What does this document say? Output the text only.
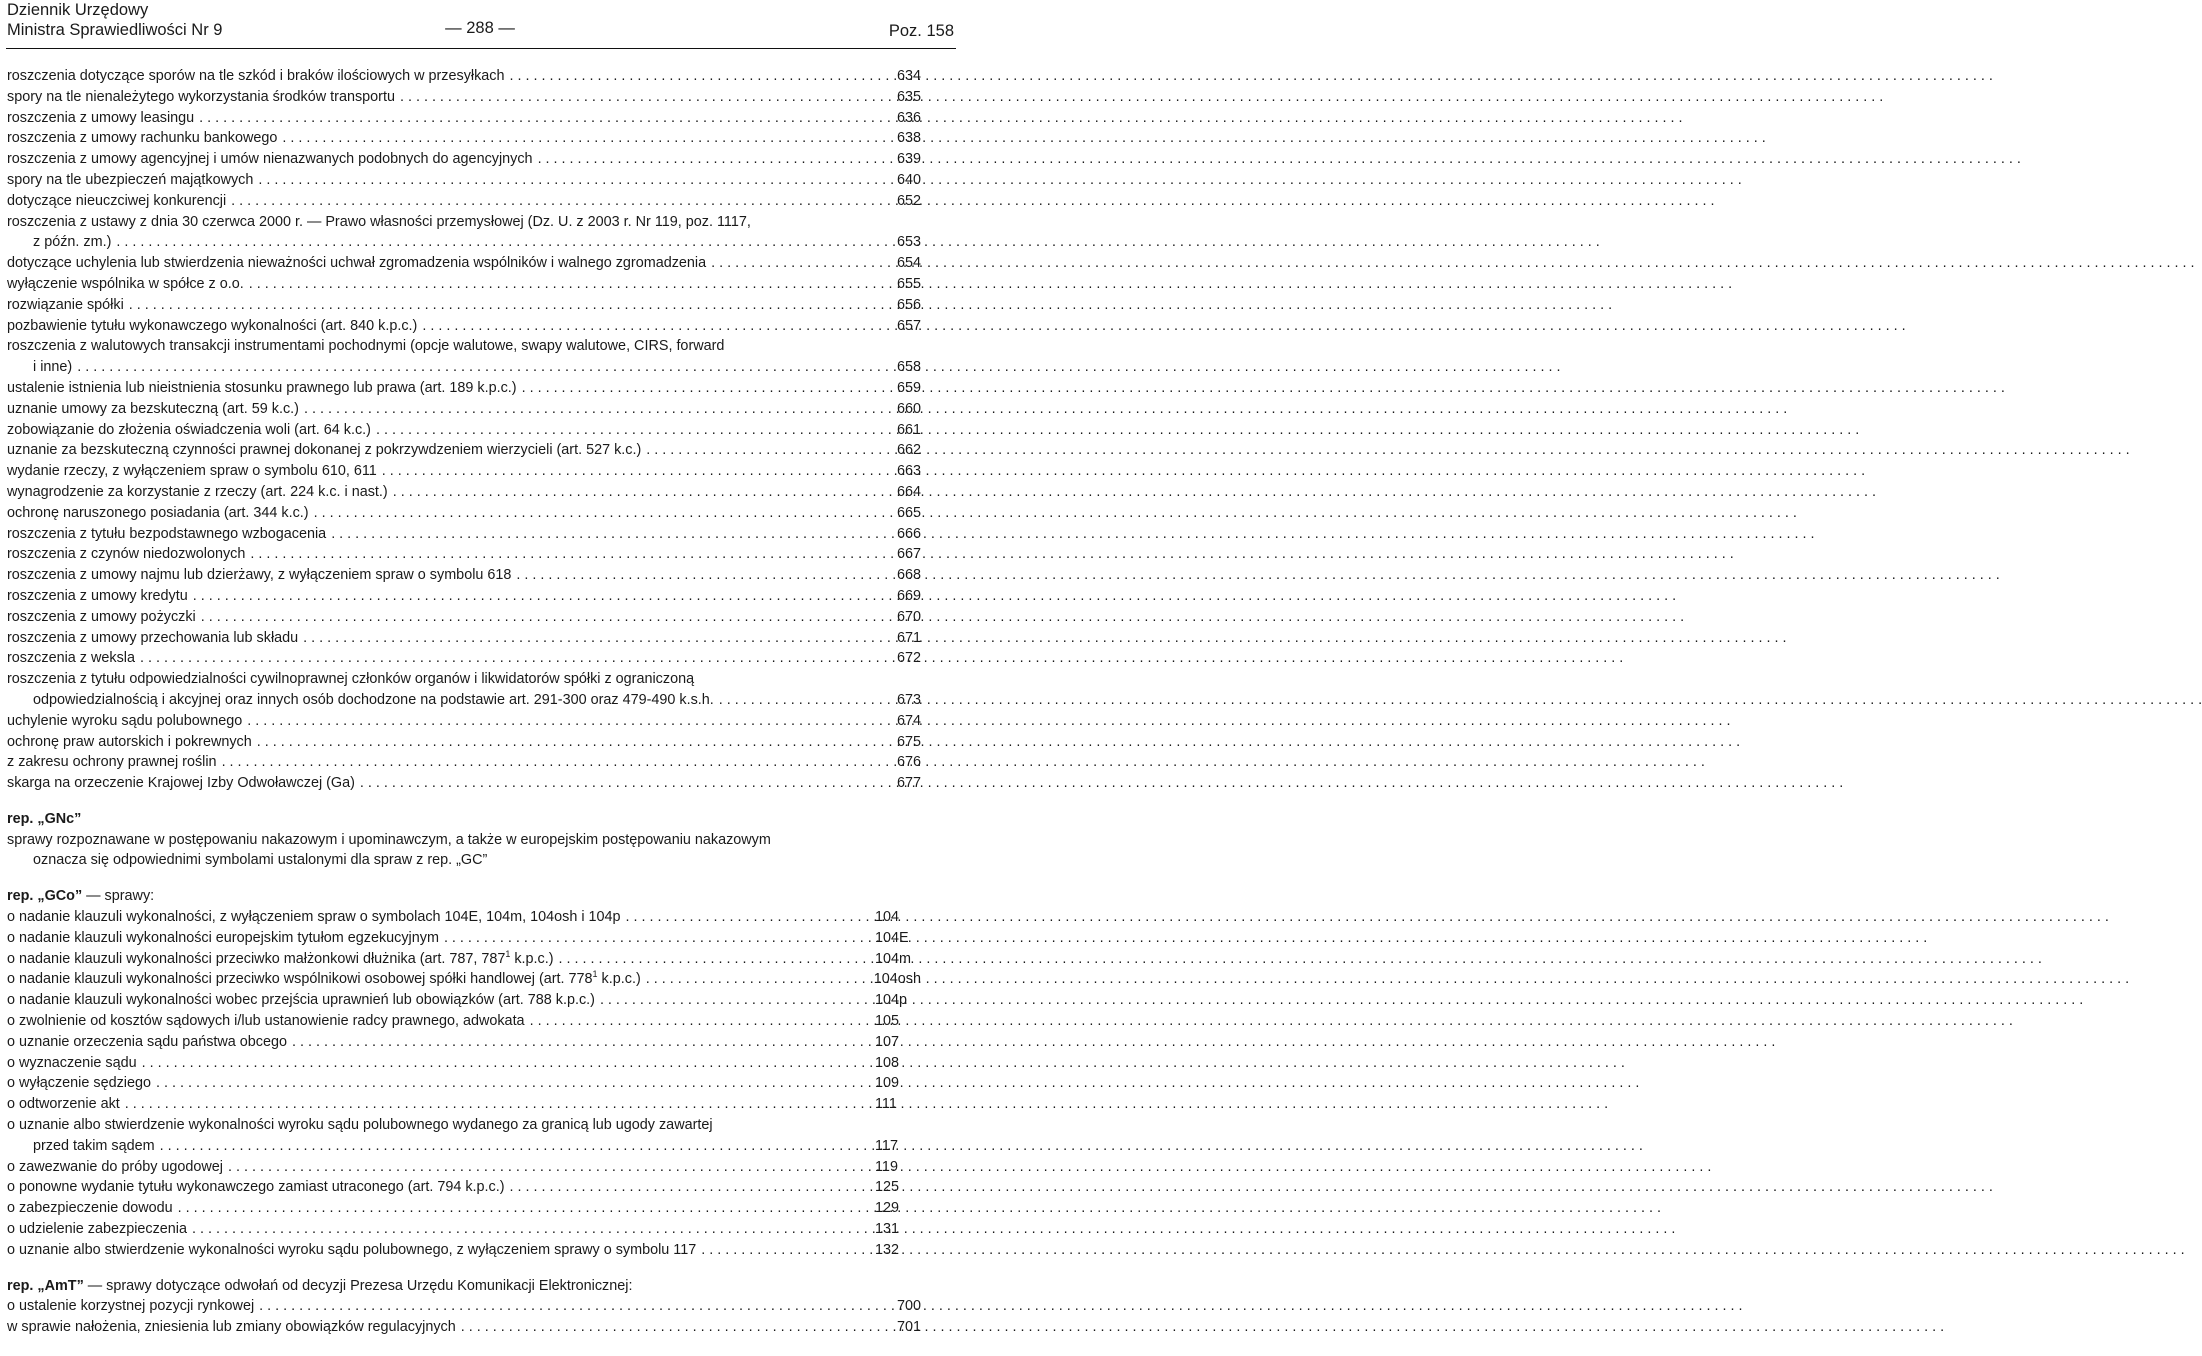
Dziennik Urzędowy
Ministra Sprawiedliwości Nr 9	— 288 —	Poz. 158
roszczenia dotyczące sporów na tle szkód i braków ilościowych w przesyłkach . . .	634
spory na tle nienależytego wykorzystania środków transportu . . .	635
roszczenia z umowy leasingu . . .	636
roszczenia z umowy rachunku bankowego . . .	638
roszczenia z umowy agencyjnej i umów nienazwanych podobnych do agencyjnych . . .	639
spory na tle ubezpieczeń majątkowych . . .	640
dotyczące nieuczciwej konkurencji . . .	652
roszczenia z ustawy z dnia 30 czerwca 2000 r. — Prawo własności przemysłowej (Dz. U. z 2003 r. Nr 119, poz. 1117,
z późn. zm.) . . .	653
dotyczące uchylenia lub stwierdzenia nieważności uchwał zgromadzenia wspólników i walnego zgromadzenia . . .	654
wyłączenie wspólnika w spółce z o.o. . . .	655
rozwiązanie spółki . . .	656
pozbawienie tytułu wykonawczego wykonalności (art. 840 k.p.c.) . . .	657
roszczenia z walutowych transakcji instrumentami pochodnymi (opcje walutowe, swapy walutowe, CIRS, forward
i inne) . . .	658
ustalenie istnienia lub nieistnienia stosunku prawnego lub prawa (art. 189 k.p.c.) . . .	659
uznanie umowy za bezskuteczną (art. 59 k.c.) . . .	660
zobowiązanie do złożenia oświadczenia woli (art. 64 k.c.) . . .	661
uznanie za bezskuteczną czynności prawnej dokonanej z pokrzywdzeniem wierzycieli (art. 527 k.c.) . . .	662
wydanie rzeczy, z wyłączeniem spraw o symbolu 610, 611 . . .	663
wynagrodzenie za korzystanie z rzeczy (art. 224 k.c. i nast.) . . .	664
ochronę naruszonego posiadania (art. 344 k.c.) . . .	665
roszczenia z tytułu bezpodstawnego wzbogacenia . . .	666
roszczenia z czynów niedozwolonych . . .	667
roszczenia z umowy najmu lub dzierżawy, z wyłączeniem spraw o symbolu 618 . . .	668
roszczenia z umowy kredytu . . .	669
roszczenia z umowy pożyczki . . .	670
roszczenia z umowy przechowania lub składu . . .	671
roszczenia z weksla . . .	672
roszczenia z tytułu odpowiedzialności cywilnoprawnej członków organów i likwidatorów spółki z ograniczoną
odpowiedzialnością i akcyjnej oraz innych osób dochodzone na podstawie art. 291-300 oraz 479-490 k.s.h. . . .	673
uchylenie wyroku sądu polubownego . . .	674
ochronę praw autorskich i pokrewnych . . .	675
z zakresu ochrony prawnej roślin . . .	676
skarga na orzeczenie Krajowej Izby Odwoławczej (Ga) . . .	677
rep. „GNc”
sprawy rozpoznawane w postępowaniu nakazowym i upominawczym, a także w europejskim postępowaniu nakazowym
oznacza się odpowiednimi symbolami ustalonymi dla spraw z rep. „GC”
rep. „GCo” — sprawy:
o nadanie klauzuli wykonalności, z wyłączeniem spraw o symbolach 104E, 104m, 104osh i 104p . . .	104
o nadanie klauzuli wykonalności europejskim tytułom egzekucyjnym . . .	104E
o nadanie klauzuli wykonalności przeciwko małżonkowi dłużnika (art. 787, $787^1$ k.p.c.) . . .	104m
o nadanie klauzuli wykonalności przeciwko wspólnikowi osobowej spółki handlowej (art. $778^1$ k.p.c.) . . .	104osh
o nadanie klauzuli wykonalności wobec przejścia uprawnień lub obowiązków (art. 788 k.p.c.) . . .	104p
o zwolnienie od kosztów sądowych i/lub ustanowienie radcy prawnego, adwokata . . .	105
o uznanie orzeczenia sądu państwa obcego . . .	107
o wyznaczenie sądu . . .	108
o wyłączenie sędziego . . .	109
o odtworzenie akt . . .	111
o uznanie albo stwierdzenie wykonalności wyroku sądu polubownego wydanego za granicą lub ugody zawartej
przed takim sądem . . .	117
o zawezwanie do próby ugodowej . . .	119
o ponowne wydanie tytułu wykonawczego zamiast utraconego (art. 794 k.p.c.) . . .	125
o zabezpieczenie dowodu . . .	129
o udzielenie zabezpieczenia . . .	131
o uznanie albo stwierdzenie wykonalności wyroku sądu polubownego, z wyłączeniem sprawy o symbolu 117 . . .	132
rep. „AmT” — sprawy dotyczące odwołań od decyzji Prezesa Urzędu Komunikacji Elektronicznej:
o ustalenie korzystnej pozycji rynkowej . . .	700
w sprawie nałożenia, zniesienia lub zmiany obowiązków regulacyjnych . . .	701
